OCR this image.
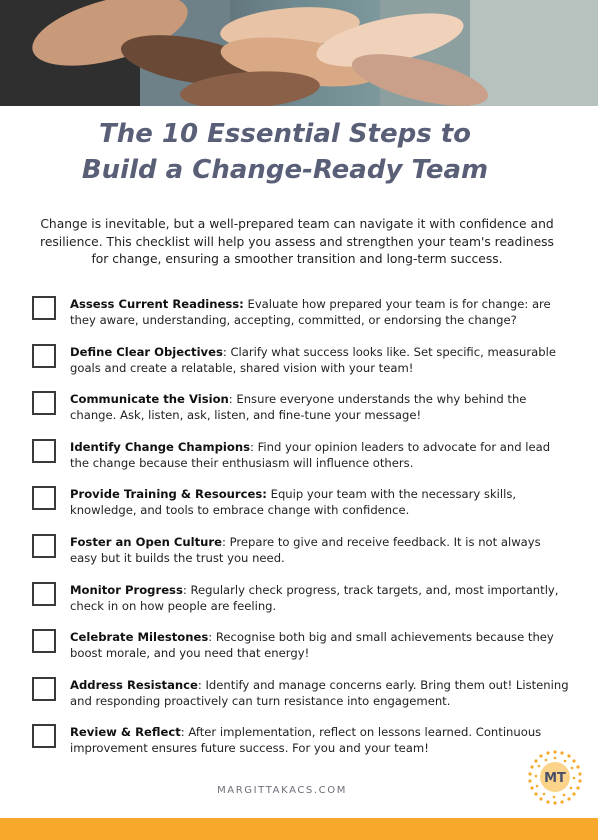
The 10 Essential Steps to
Build a Change-Ready Team

Change is inevitable, but a well-prepared team can navigate it with confidence and resilience. This checklist will help you assess and strengthen your team's readiness for change, ensuring a smoother transition and long-term success.

Assess Current Readiness: Evaluate how prepared your team is for change: are they aware, understanding, accepting, committed, or endorsing the change?

Define Clear Objectives: Clarify what success looks like. Set specific, measurable goals and create a relatable, shared vision with your team!

Communicate the Vision: Ensure everyone understands the why behind the change. Ask, listen, ask, listen, and fine-tune your message!

Identify Change Champions: Find your opinion leaders to advocate for and lead the change because their enthusiasm will influence others.

Provide Training & Resources: Equip your team with the necessary skills, knowledge, and tools to embrace change with confidence.

Foster an Open Culture: Prepare to give and receive feedback. It is not always easy but it builds the trust you need.

Monitor Progress: Regularly check progress, track targets, and, most importantly, check in on how people are feeling.

Celebrate Milestones: Recognise both big and small achievements because they boost morale, and you need that energy!

Address Resistance: Identify and manage concerns early. Bring them out! Listening and responding proactively can turn resistance into engagement.

Review & Reflect: After implementation, reflect on lessons learned. Continuous improvement ensures future success. For you and your team!

MARGITTAKACS.COM
MT
